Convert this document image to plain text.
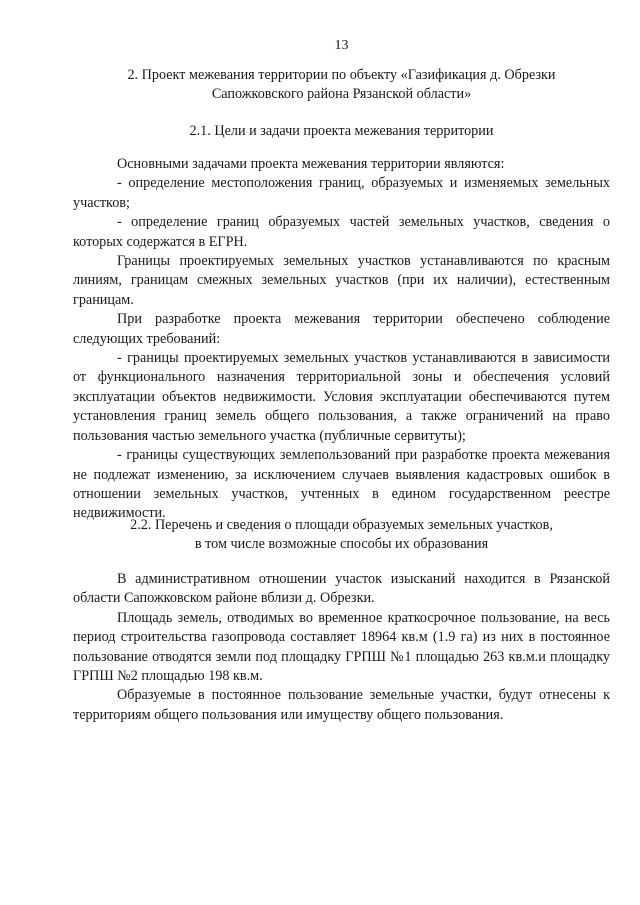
13

2. Проект межевания территории по объекту «Газификация д. Обрезки

Сапожковского района Рязанской области»

2.1. Цели и задачи проекта межевания территории

Основными задачами проекта межевания территории являются:

- определение местоположения границ, образуемых и изменяемых земельных участков;

- определение границ образуемых частей земельных участков, сведения о которых содержатся в ЕГРН.

Границы проектируемых земельных участков устанавливаются по красным линиям, границам смежных земельных участков (при их наличии), естественным границам.

При разработке проекта межевания территории обеспечено соблюдение следующих требований:

- границы проектируемых земельных участков устанавливаются в зависимости от функционального назначения территориальной зоны и обеспечения условий эксплуатации объектов недвижимости. Условия эксплуатации обеспечиваются путем установления границ земель общего пользования, а также ограничений на право пользования частью земельного участка (публичные сервитуты);

- границы существующих землепользований при разработке проекта межевания не подлежат изменению, за исключением случаев выявления кадастровых ошибок в отношении земельных участков, учтенных в едином государственном реестре недвижимости.

2.2. Перечень и сведения о площади образуемых земельных участков,

в том числе возможные способы их образования

В административном отношении участок изысканий находится в Рязанской области Сапожковском районе вблизи д. Обрезки.

Площадь земель, отводимых во временное краткосрочное пользование, на весь период строительства газопровода составляет 18964 кв.м (1.9 га) из них в постоянное пользование отводятся земли под площадку ГРПШ №1 площадью 263 кв.м.и площадку ГРПШ №2 площадью 198 кв.м.

Образуемые в постоянное пользование земельные участки, будут отнесены к территориям общего пользования или имуществу общего пользования.
